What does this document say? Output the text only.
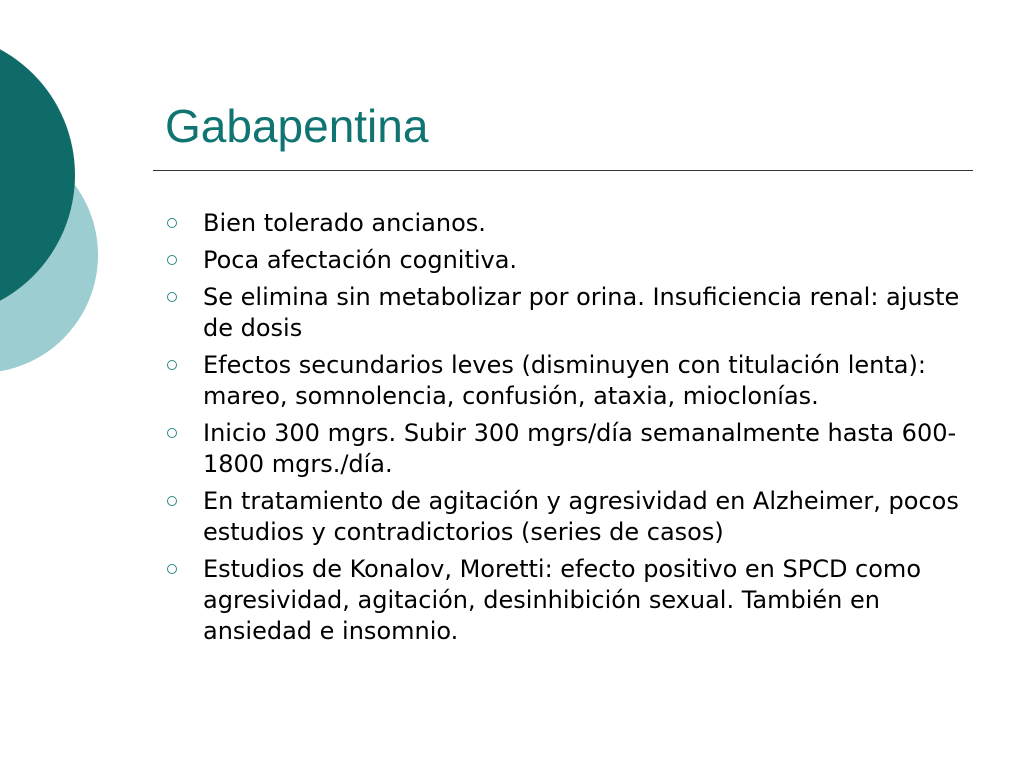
Gabapentina
Bien tolerado ancianos.
Poca afectación cognitiva.
Se elimina sin metabolizar por orina. Insuficiencia renal: ajuste de dosis
Efectos secundarios leves (disminuyen con titulación lenta): mareo, somnolencia, confusión, ataxia, mioclonías.
Inicio 300 mgrs. Subir 300 mgrs/día semanalmente hasta 600-1800 mgrs./día.
En tratamiento de agitación y agresividad en Alzheimer, pocos estudios y contradictorios (series de casos)
Estudios de Konalov, Moretti: efecto positivo en SPCD como agresividad, agitación, desinhibición sexual. También en ansiedad e insomnio.
